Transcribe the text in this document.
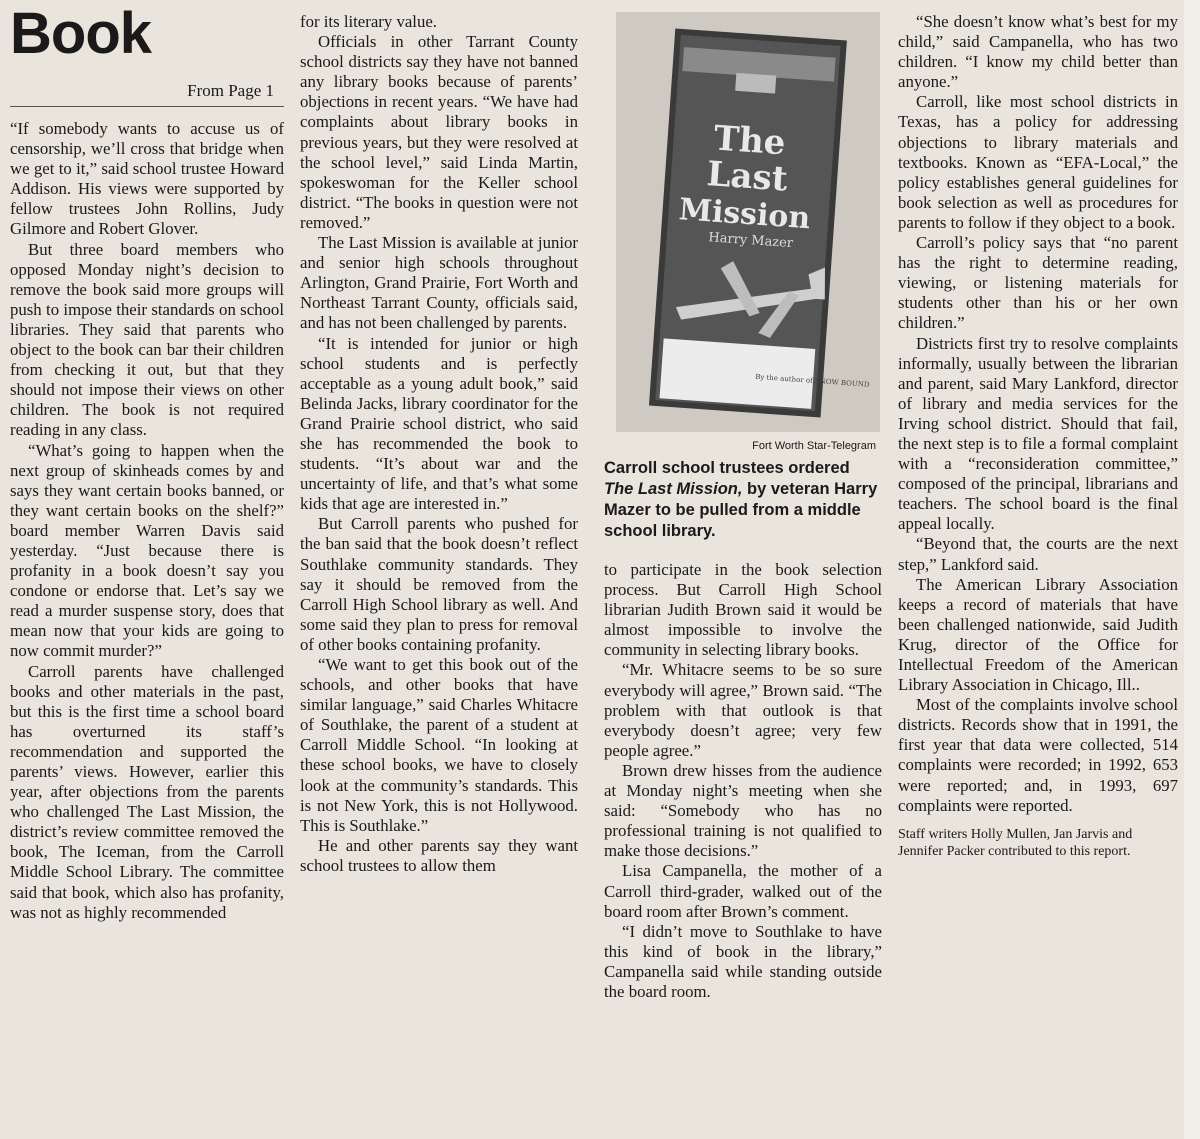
Book
From Page 1

“If somebody wants to accuse us of censorship, we’ll cross that bridge when we get to it,” said school trustee Howard Addison. His views were supported by fellow trustees John Rollins, Judy Gilmore and Robert Glover.

But three board members who opposed Monday night’s decision to remove the book said more groups will push to impose their standards on school libraries. They said that parents who object to the book can bar their children from checking it out, but that they should not impose their views on other children. The book is not required reading in any class.

“What’s going to happen when the next group of skinheads comes by and says they want certain books banned, or they want certain books on the shelf?” board member Warren Davis said yesterday. “Just because there is profanity in a book doesn’t say you condone or endorse that. Let’s say we read a murder suspense story, does that mean now that your kids are going to now commit murder?”

Carroll parents have challenged books and other materials in the past, but this is the first time a school board has overturned its staff’s recommendation and supported the parents’ views. However, earlier this year, after objections from the parents who challenged The Last Mission, the district’s review committee removed the book, The Iceman, from the Carroll Middle School Library. The committee said that book, which also has profanity, was not as highly recommended

for its literary value.

Officials in other Tarrant County school districts say they have not banned any library books because of parents’ objections in recent years. “We have had complaints about library books in previous years, but they were resolved at the school level,” said Linda Martin, spokeswoman for the Keller school district. “The books in question were not removed.”

The Last Mission is available at junior and senior high schools throughout Arlington, Grand Prairie, Fort Worth and Northeast Tarrant County, officials said, and has not been challenged by parents.

“It is intended for junior or high school students and is perfectly acceptable as a young adult book,” said Belinda Jacks, library coordinator for the Grand Prairie school district, who said she has recommended the book to students. “It’s about war and the uncertainty of life, and that’s what some kids that age are interested in.”

But Carroll parents who pushed for the ban said that the book doesn’t reflect Southlake community standards. They say it should be removed from the Carroll High School library as well. And some said they plan to press for removal of other books containing profanity.

“We want to get this book out of the schools, and other books that have similar language,” said Charles Whitacre of Southlake, the parent of a student at Carroll Middle School. “In looking at these school books, we have to closely look at the community’s standards. This is not New York, this is not Hollywood. This is Southlake.”

He and other parents say they want school trustees to allow them

The
Last
Mission
Harry Mazer
By the author of SNOW BOUND
Fort Worth Star-Telegram
Carroll school trustees ordered The Last Mission, by veteran Harry Mazer to be pulled from a middle school library.

to participate in the book selection process. But Carroll High School librarian Judith Brown said it would be almost impossible to involve the community in selecting library books.

“Mr. Whitacre seems to be so sure everybody will agree,” Brown said. “The problem with that outlook is that everybody doesn’t agree; very few people agree.”

Brown drew hisses from the audience at Monday night’s meeting when she said: “Somebody who has no professional training is not qualified to make those decisions.”

Lisa Campanella, the mother of a Carroll third-grader, walked out of the board room after Brown’s comment.

“I didn’t move to Southlake to have this kind of book in the library,” Campanella said while standing outside the board room.

“She doesn’t know what’s best for my child,” said Campanella, who has two children. “I know my child better than anyone.”

Carroll, like most school districts in Texas, has a policy for addressing objections to library materials and textbooks. Known as “EFA-Local,” the policy establishes general guidelines for book selection as well as procedures for parents to follow if they object to a book.

Carroll’s policy says that “no parent has the right to determine reading, viewing, or listening materials for students other than his or her own children.”

Districts first try to resolve complaints informally, usually between the librarian and parent, said Mary Lankford, director of library and media services for the Irving school district. Should that fail, the next step is to file a formal complaint with a “reconsideration committee,” composed of the principal, librarians and teachers. The school board is the final appeal locally.

“Beyond that, the courts are the next step,” Lankford said.

The American Library Association keeps a record of materials that have been challenged nationwide, said Judith Krug, director of the Office for Intellectual Freedom of the American Library Association in Chicago, Ill..

Most of the complaints involve school districts. Records show that in 1991, the first year that data were collected, 514 complaints were recorded; in 1992, 653 were reported; and, in 1993, 697 complaints were reported.

Staff writers Holly Mullen, Jan Jarvis and Jennifer Packer contributed to this report.
